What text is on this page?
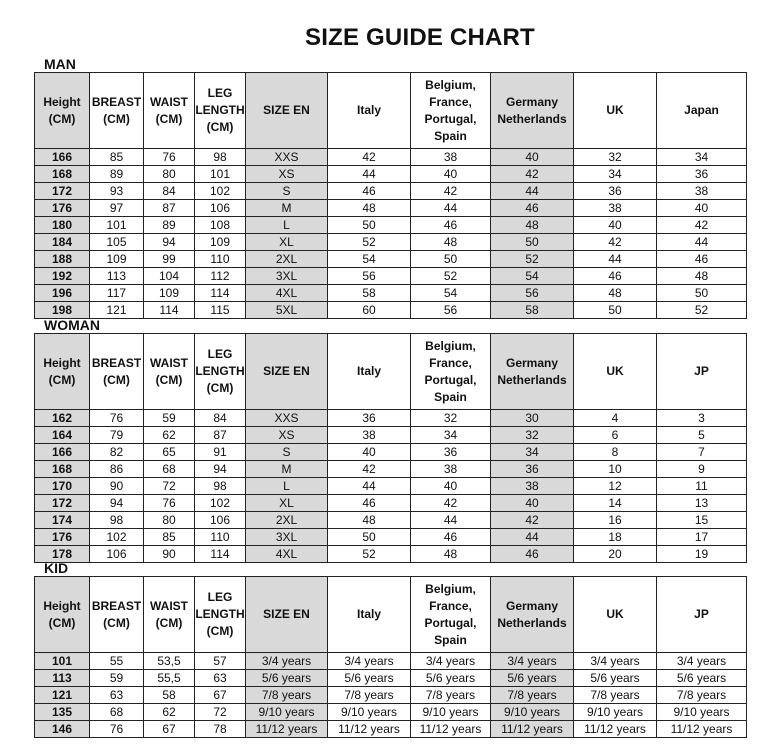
SIZE GUIDE CHART
MAN
Height (CM)	BREAST (CM)	WAIST (CM)	LEG LENGTH (CM)	SIZE EN	Italy	Belgium, France, Portugal, Spain	Germany Netherlands	UK	Japan
166	85	76	98	XXS	42	38	40	32	34
168	89	80	101	XS	44	40	42	34	36
172	93	84	102	S	46	42	44	36	38
176	97	87	106	M	48	44	46	38	40
180	101	89	108	L	50	46	48	40	42
184	105	94	109	XL	52	48	50	42	44
188	109	99	110	2XL	54	50	52	44	46
192	113	104	112	3XL	56	52	54	46	48
196	117	109	114	4XL	58	54	56	48	50
198	121	114	115	5XL	60	56	58	50	52
WOMAN
Height (CM)	BREAST (CM)	WAIST (CM)	LEG LENGTH (CM)	SIZE EN	Italy	Belgium, France, Portugal, Spain	Germany Netherlands	UK	JP
162	76	59	84	XXS	36	32	30	4	3
164	79	62	87	XS	38	34	32	6	5
166	82	65	91	S	40	36	34	8	7
168	86	68	94	M	42	38	36	10	9
170	90	72	98	L	44	40	38	12	11
172	94	76	102	XL	46	42	40	14	13
174	98	80	106	2XL	48	44	42	16	15
176	102	85	110	3XL	50	46	44	18	17
178	106	90	114	4XL	52	48	46	20	19
KID
Height (CM)	BREAST (CM)	WAIST (CM)	LEG LENGTH (CM)	SIZE EN	Italy	Belgium, France, Portugal, Spain	Germany Netherlands	UK	JP
101	55	53,5	57	3/4 years	3/4 years	3/4 years	3/4 years	3/4 years	3/4 years
113	59	55,5	63	5/6 years	5/6 years	5/6 years	5/6 years	5/6 years	5/6 years
121	63	58	67	7/8 years	7/8 years	7/8 years	7/8 years	7/8 years	7/8 years
135	68	62	72	9/10 years	9/10 years	9/10 years	9/10 years	9/10 years	9/10 years
146	76	67	78	11/12 years	11/12 years	11/12 years	11/12 years	11/12 years	11/12 years
